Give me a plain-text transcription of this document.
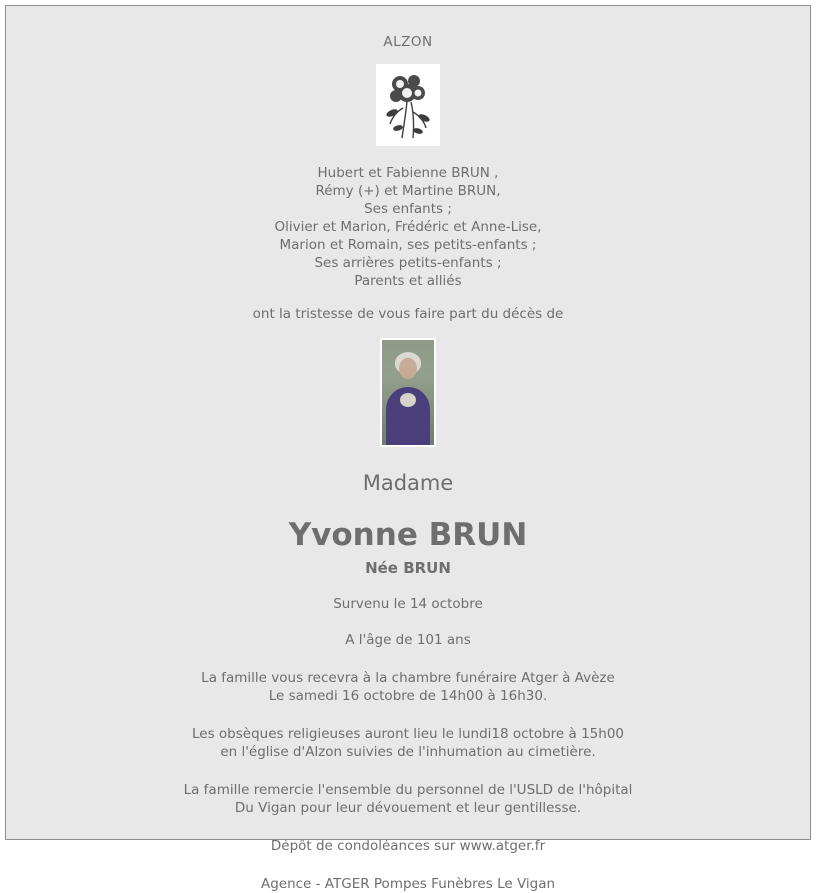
ALZON
Hubert et Fabienne BRUN ,
Rémy (+) et Martine BRUN,
Ses enfants ;
Olivier et Marion, Frédéric et Anne-Lise,
Marion et Romain, ses petits-enfants ;
Ses arrières petits-enfants ;
Parents et alliés
ont la tristesse de vous faire part du décès de
Madame
Yvonne BRUN
Née BRUN
Survenu le 14 octobre
A l'âge de 101 ans
La famille vous recevra à la chambre funéraire Atger à Avèze
Le samedi 16 octobre de 14h00 à 16h30.
Les obsèques religieuses auront lieu le lundi18 octobre à 15h00
en l'église d'Alzon suivies de l'inhumation au cimetière.
La famille remercie l'ensemble du personnel de l'USLD de l'hôpital
Du Vigan pour leur dévouement et leur gentillesse.
Dépôt de condoléances sur www.atger.fr
Agence - ATGER Pompes Funèbres Le Vigan
